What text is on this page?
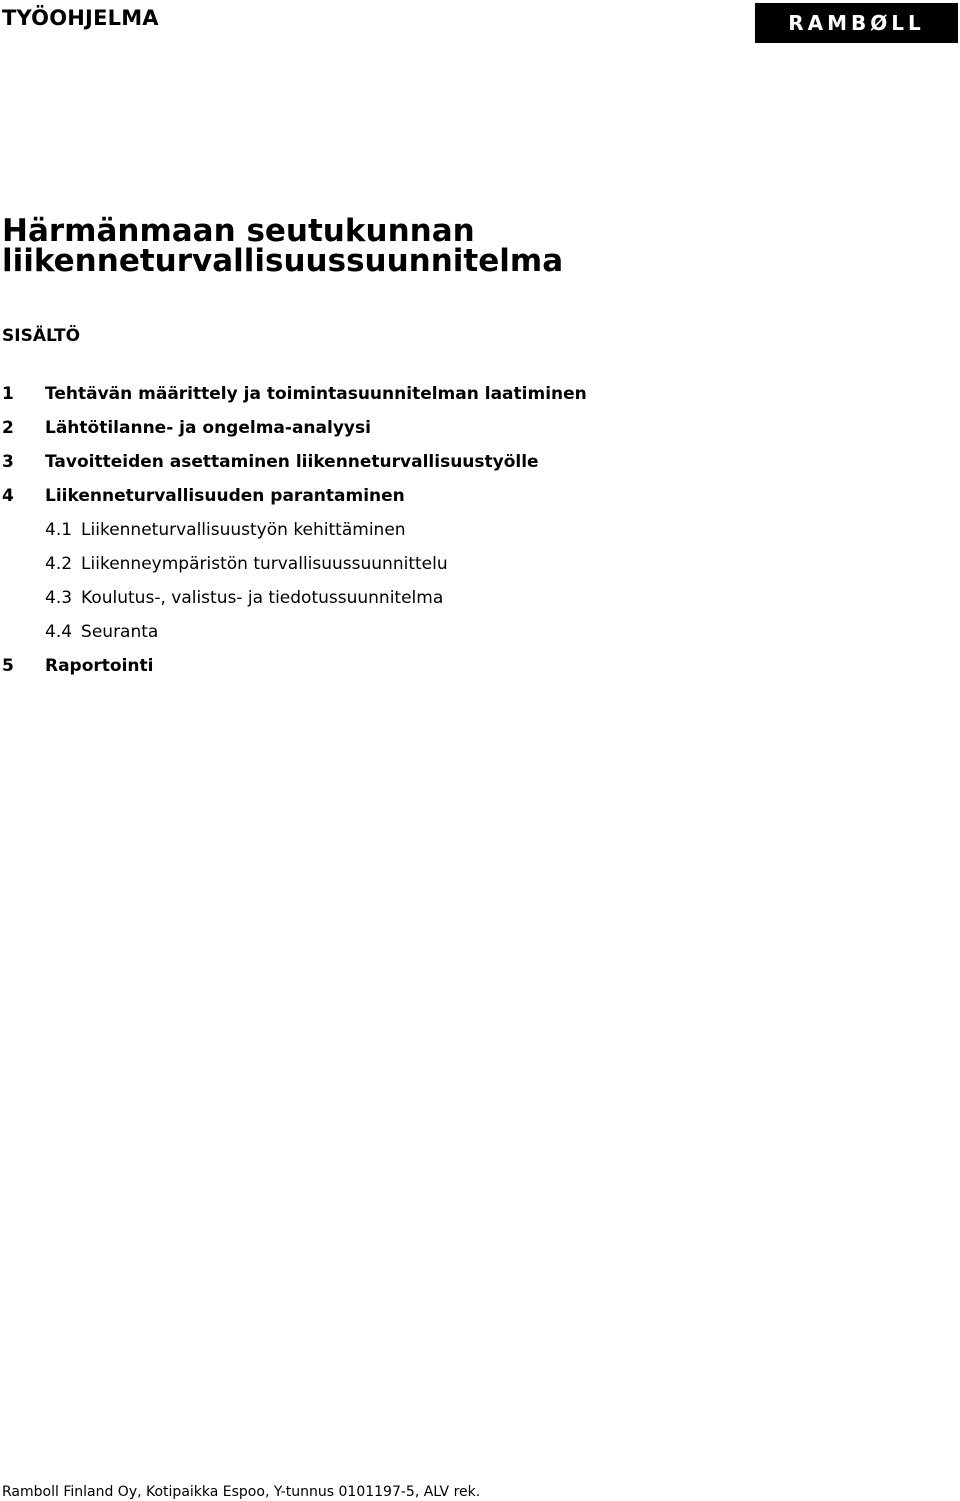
TYÖOHJELMA	RAMBØLL
Härmänmaan seutukunnan
liikenneturvallisuussuunnitelma
SISÄLTÖ
1	Tehtävän määrittely ja toimintasuunnitelman laatiminen
2	Lähtötilanne- ja ongelma-analyysi
3	Tavoitteiden asettaminen liikenneturvallisuustyölle
4	Liikenneturvallisuuden parantaminen
4.1 Liikenneturvallisuustyön kehittäminen
4.2 Liikenneympäristön turvallisuussuunnittelu
4.3 Koulutus-, valistus- ja tiedotussuunnitelma
4.4 Seuranta
5	Raportointi
Ramboll Finland Oy, Kotipaikka Espoo, Y-tunnus 0101197-5, ALV rek.
